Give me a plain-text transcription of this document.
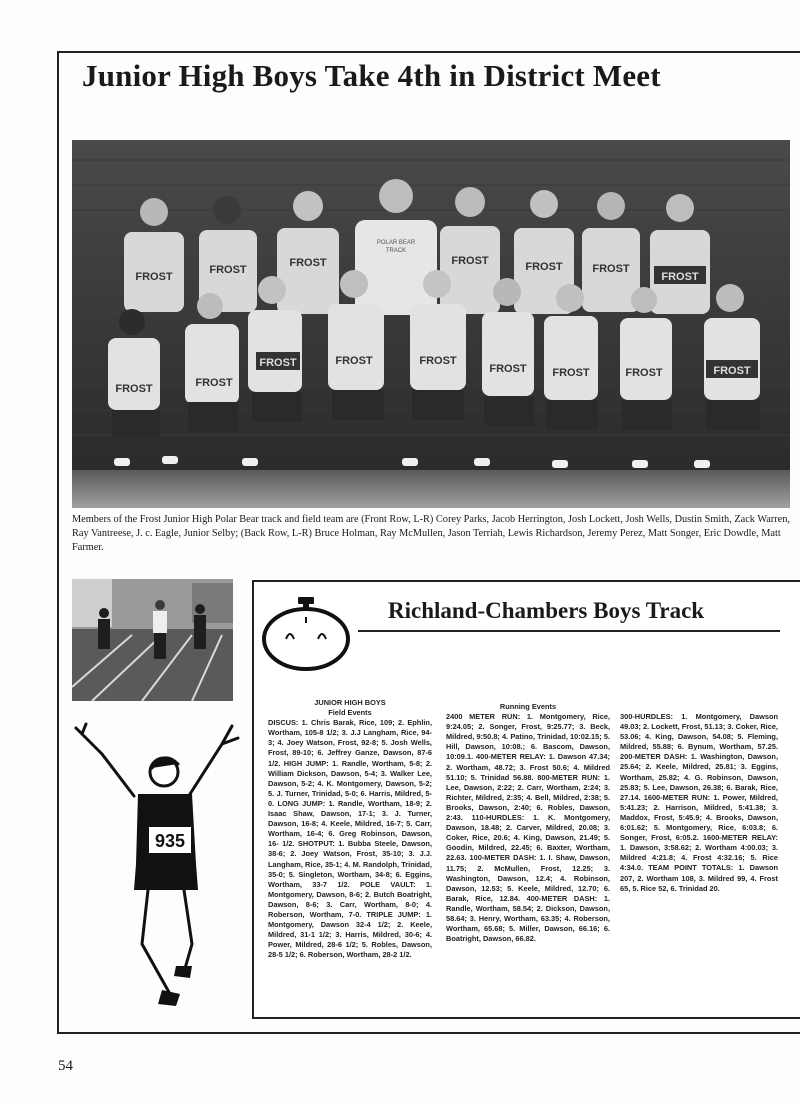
Junior High Boys Take 4th in District Meet
FROST
FROST
FROST	FROST	FROST	FROST
FROST
POLAR BEAR
TRACK
FROST	FROST
FROST	FROST
FROST FROST	FROST
FROST
FROST
Members of the Frost Junior High Polar Bear track and field team are (Front Row, L-R) Corey Parks, Jacob Herrington, Josh Lockett, Josh Wells, Dustin Smith, Zack Warren, Ray Vantreese, J. c. Eagle, Junior Selby; (Back Row, L-R) Bruce Holman, Ray McMullen, Jason Terriah, Lewis Richardson, Jeremy Perez, Matt Songer, Eric Dowdle, Matt Farmer.
935
Richland-Chambers Boys Track
JUNIOR HIGH BOYS
Field Events
DISCUS: 1. Chris Barak, Rice, 109; 2. Ephlin, Wortham, 105-8 1/2; 3. J.J Langham, Rice, 94-3; 4. Joey Watson, Frost, 92-8; 5. Josh Wells, Frost, 89-10; 6. Jeffrey Ganze, Dawson, 87-6 1/2. HIGH JUMP: 1. Randle, Wortham, 5-8; 2. William Dickson, Dawson, 5-4; 3. Walker Lee, Dawson, 5-2; 4. K. Montgomery, Dawson, 5-2; 5. J. Turner, Trinidad, 5-0; 6. Harris, Mildred, 5-0. LONG JUMP: 1. Randle, Wortham, 18-9; 2. Isaac Shaw, Dawson, 17-1; 3. J. Turner, Dawson, 16-8; 4. Keele, Mildred, 16-7; 5. Carr, Wortham, 16-4; 6. Greg Robinson, Dawson, 16- 1/2. SHOTPUT: 1. Bubba Steele, Dawson, 38-6; 2. Joey Watson, Frost, 35-10; 3. J.J. Langham, Rice, 35-1; 4. M. Randolph, Trinidad, 35-0; 5. Singleton, Wortham, 34-8; 6. Eggins, Wortham, 33-7 1/2. POLE VAULT: 1. Montgomery, Dawson, 8-6; 2. Butch Boatright, Dawson, 8-6; 3. Carr, Wortham, 8-0; 4. Roberson, Wortham, 7-0. TRIPLE JUMP: 1. Montgomery, Dawson 32-4 1/2; 2. Keele, Mildred, 31-1 1/2; 3. Harris, Mildred, 30-6; 4. Power, Mildred, 28-6 1/2; 5. Robles, Dawson, 28-5 1/2; 6. Roberson, Wortham, 28-2 1/2.
Running Events
2400 METER RUN: 1. Montgomery, Rice, 9:24.05; 2. Songer, Frost, 9:25.77; 3. Beck, Mildred, 9:50.8; 4. Patino, Trinidad, 10:02.15; 5. Hill, Dawson, 10:08.; 6. Bascom, Dawson, 10:09.1. 400-METER RELAY: 1. Dawson 47.34; 2. Wortham, 48.72; 3. Frost 50.6; 4. Mildred 51.10; 5. Trinidad 56.88. 800-METER RUN: 1. Lee, Dawson, 2:22; 2. Carr, Wortham, 2:24; 3. Richter, Mildred, 2:35; 4. Bell, Mildred, 2:38; 5. Brooks, Dawson, 2:40; 6. Robles, Dawson, 2:43. 110-HURDLES: 1. K. Montgomery, Dawson, 18.48; 2. Carver, Mildred, 20.08; 3. Coker, Rice, 20.6; 4. King, Dawson, 21.49; 5. Goodin, Mildred, 22.45; 6. Baxter, Wortham, 22.63. 100-METER DASH: 1. I. Shaw, Dawson, 11.75; 2. McMullen, Frost, 12.25; 3. Washington, Dawson, 12.4; 4. Robinson, Dawson, 12.53; 5. Keele, Mildred, 12.70; 6. Barak, Rice, 12.84. 400-METER DASH: 1. Randle, Wortham, 58.54; 2. Dickson, Dawson, 58.64; 3. Henry, Wortham, 63.35; 4. Roberson, Wortham, 65.68; 5. Miller, Dawson, 66.16; 6. Boatright, Dawson, 66.82.
300-HURDLES: 1. Montgomery, Dawson 49.03; 2. Lockett, Frost, 51.13; 3. Coker, Rice, 53.06; 4. King, Dawson, 54.08; 5. Fleming, Mildred, 55.88; 6. Bynum, Wortham, 57.25. 200-METER DASH: 1. Washington, Dawson, 25.64; 2. Keele, Mildred, 25.81; 3. Eggins, Wortham, 25.82; 4. G. Robinson, Dawson, 25.83; 5. Lee, Dawson, 26.38; 6. Barak, Rice, 27.14. 1600-METER RUN: 1. Power, Mildred, 5:41.23; 2. Harrison, Mildred, 5:41.38; 3. Maddox, Frost, 5:45.9; 4. Brooks, Dawson, 6:01.62; 5. Montgomery, Rice, 6:03.8; 6. Songer, Frost, 6:05.2. 1600-METER RELAY: 1. Dawson, 3:58.62; 2. Wortham 4:00.03; 3. Mildred 4:21.8; 4. Frost 4:32.16; 5. Rice 4:34.0. TEAM POINT TOTALS: 1. Dawson 207, 2. Wortham 108, 3. Mildred 99, 4. Frost 65, 5. Rice 52, 6. Trinidad 20.
54
